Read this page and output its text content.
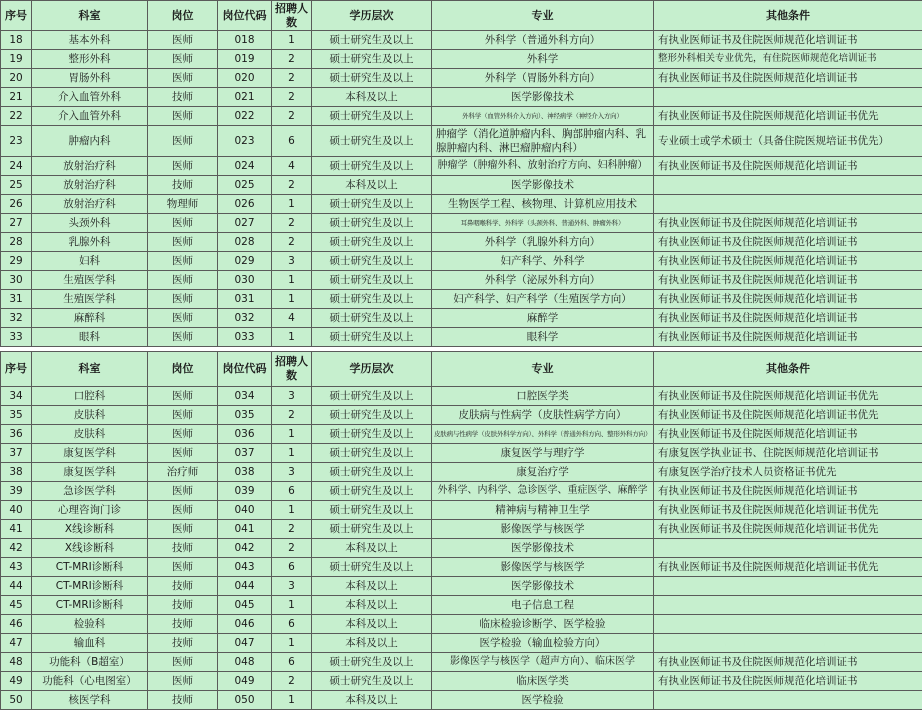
序号	科室	岗位	岗位代码	招聘人数	学历层次	专业	其他条件
18	基本外科	医师	018	1	硕士研究生及以上	外科学（普通外科方向）	有执业医师证书及住院医师规范化培训证书
19	整形外科	医师	019	2	硕士研究生及以上	外科学	整形外科相关专业优先，有住院医师规范化培训证书
20	胃肠外科	医师	020	2	硕士研究生及以上	外科学（胃肠外科方向）	有执业医师证书及住院医师规范化培训证书
21	介入血管外科	技师	021	2	本科及以上	医学影像技术	
22	介入血管外科	医师	022	2	硕士研究生及以上	外科学（血管外科介入方向）、神经病学（神经介入方向）	有执业医师证书及住院医师规范化培训证书优先
23	肿瘤内科	医师	023	6	硕士研究生及以上	肿瘤学（消化道肿瘤内科、胸部肿瘤内科、乳腺肿瘤内科、淋巴瘤肿瘤内科）	专业硕士或学术硕士（具备住院医规培证书优先）
24	放射治疗科	医师	024	4	硕士研究生及以上	肿瘤学（肿瘤外科、放射治疗方向、妇科肿瘤）	有执业医师证书及住院医师规范化培训证书
25	放射治疗科	技师	025	2	本科及以上	医学影像技术	
26	放射治疗科	物理师	026	1	硕士研究生及以上	生物医学工程、核物理、计算机应用技术	
27	头颈外科	医师	027	2	硕士研究生及以上	耳鼻咽喉科学、外科学（头颈外科、普通外科、肿瘤外科）	有执业医师证书及住院医师规范化培训证书
28	乳腺外科	医师	028	2	硕士研究生及以上	外科学（乳腺外科方向）	有执业医师证书及住院医师规范化培训证书
29	妇科	医师	029	3	硕士研究生及以上	妇产科学、外科学	有执业医师证书及住院医师规范化培训证书
30	生殖医学科	医师	030	1	硕士研究生及以上	外科学（泌尿外科方向）	有执业医师证书及住院医师规范化培训证书
31	生殖医学科	医师	031	1	硕士研究生及以上	妇产科学、妇产科学（生殖医学方向）	有执业医师证书及住院医师规范化培训证书
32	麻醉科	医师	032	4	硕士研究生及以上	麻醉学	有执业医师证书及住院医师规范化培训证书
33	眼科	医师	033	1	硕士研究生及以上	眼科学	有执业医师证书及住院医师规范化培训证书

序号	科室	岗位	岗位代码	招聘人数	学历层次	专业	其他条件
34	口腔科	医师	034	3	硕士研究生及以上	口腔医学类	有执业医师证书及住院医师规范化培训证书优先
35	皮肤科	医师	035	2	硕士研究生及以上	皮肤病与性病学（皮肤性病学方向）	有执业医师证书及住院医师规范化培训证书优先
36	皮肤科	医师	036	1	硕士研究生及以上	皮肤病与性病学（皮肤外科学方向）、外科学（普通外科方向、整形外科方向）	有执业医师证书及住院医师规范化培训证书
37	康复医学科	医师	037	1	硕士研究生及以上	康复医学与理疗学	有康复医学执业证书、住院医师规范化培训证书
38	康复医学科	治疗师	038	3	硕士研究生及以上	康复治疗学	有康复医学治疗技术人员资格证书优先
39	急诊医学科	医师	039	6	硕士研究生及以上	外科学、内科学、急诊医学、重症医学、麻醉学	有执业医师证书及住院医师规范化培训证书
40	心理咨询门诊	医师	040	1	硕士研究生及以上	精神病与精神卫生学	有执业医师证书及住院医师规范化培训证书优先
41	X线诊断科	医师	041	2	硕士研究生及以上	影像医学与核医学	有执业医师证书及住院医师规范化培训证书优先
42	X线诊断科	技师	042	2	本科及以上	医学影像技术	
43	CT-MRI诊断科	医师	043	6	硕士研究生及以上	影像医学与核医学	有执业医师证书及住院医师规范化培训证书优先
44	CT-MRI诊断科	技师	044	3	本科及以上	医学影像技术	
45	CT-MRI诊断科	技师	045	1	本科及以上	电子信息工程	
46	检验科	技师	046	6	本科及以上	临床检验诊断学、医学检验	
47	输血科	技师	047	1	本科及以上	医学检验（输血检验方向）	
48	功能科（B超室）	医师	048	6	硕士研究生及以上	影像医学与核医学（超声方向）、临床医学	有执业医师证书及住院医师规范化培训证书
49	功能科（心电图室）	医师	049	2	硕士研究生及以上	临床医学类	有执业医师证书及住院医师规范化培训证书
50	核医学科	技师	050	1	本科及以上	医学检验	
